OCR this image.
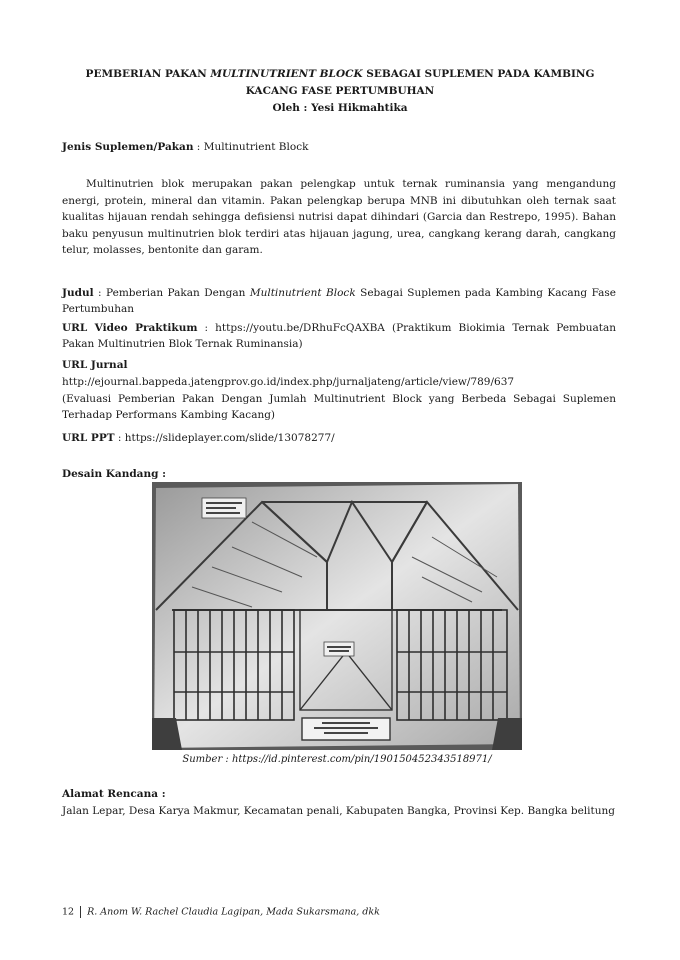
PEMBERIAN PAKAN MULTINUTRIENT BLOCK SEBAGAI SUPLEMEN PADA KAMBING
KACANG FASE PERTUMBUHAN
Oleh : Yesi Hikmahtika
Jenis Suplemen/Pakan : Multinutrient Block
Multinutrien blok merupakan pakan pelengkap untuk ternak ruminansia yang mengandung energi, protein, mineral dan vitamin. Pakan pelengkap berupa MNB ini dibutuhkan oleh ternak saat kualitas hijauan rendah sehingga defisiensi nutrisi dapat dihindari (Garcia dan Restrepo, 1995). Bahan baku penyusun multinutrien blok terdiri atas hijauan jagung, urea, cangkang kerang darah, cangkang telur, molasses, bentonite dan garam.
Judul : Pemberian Pakan Dengan Multinutrient Block Sebagai Suplemen pada Kambing Kacang Fase Pertumbuhan
URL Video Praktikum : https://youtu.be/DRhuFcQAXBA (Praktikum Biokimia Ternak Pembuatan Pakan Multinutrien Blok Ternak Ruminansia)
URL Jurnal
http://ejournal.bappeda.jatengprov.go.id/index.php/jurnaljateng/article/view/789/637
(Evaluasi Pemberian Pakan Dengan Jumlah Multinutrient Block yang Berbeda Sebagai Suplemen Terhadap Performans Kambing Kacang)
URL PPT : https://slideplayer.com/slide/13078277/
Desain Kandang :
Sumber : https://id.pinterest.com/pin/190150452343518971/
Alamat Rencana :
Jalan Lepar, Desa Karya Makmur, Kecamatan penali, Kabupaten Bangka, Provinsi Kep. Bangka belitung
12 R. Anom W. Rachel Claudia Lagipan, Mada Sukarsmana, dkk
